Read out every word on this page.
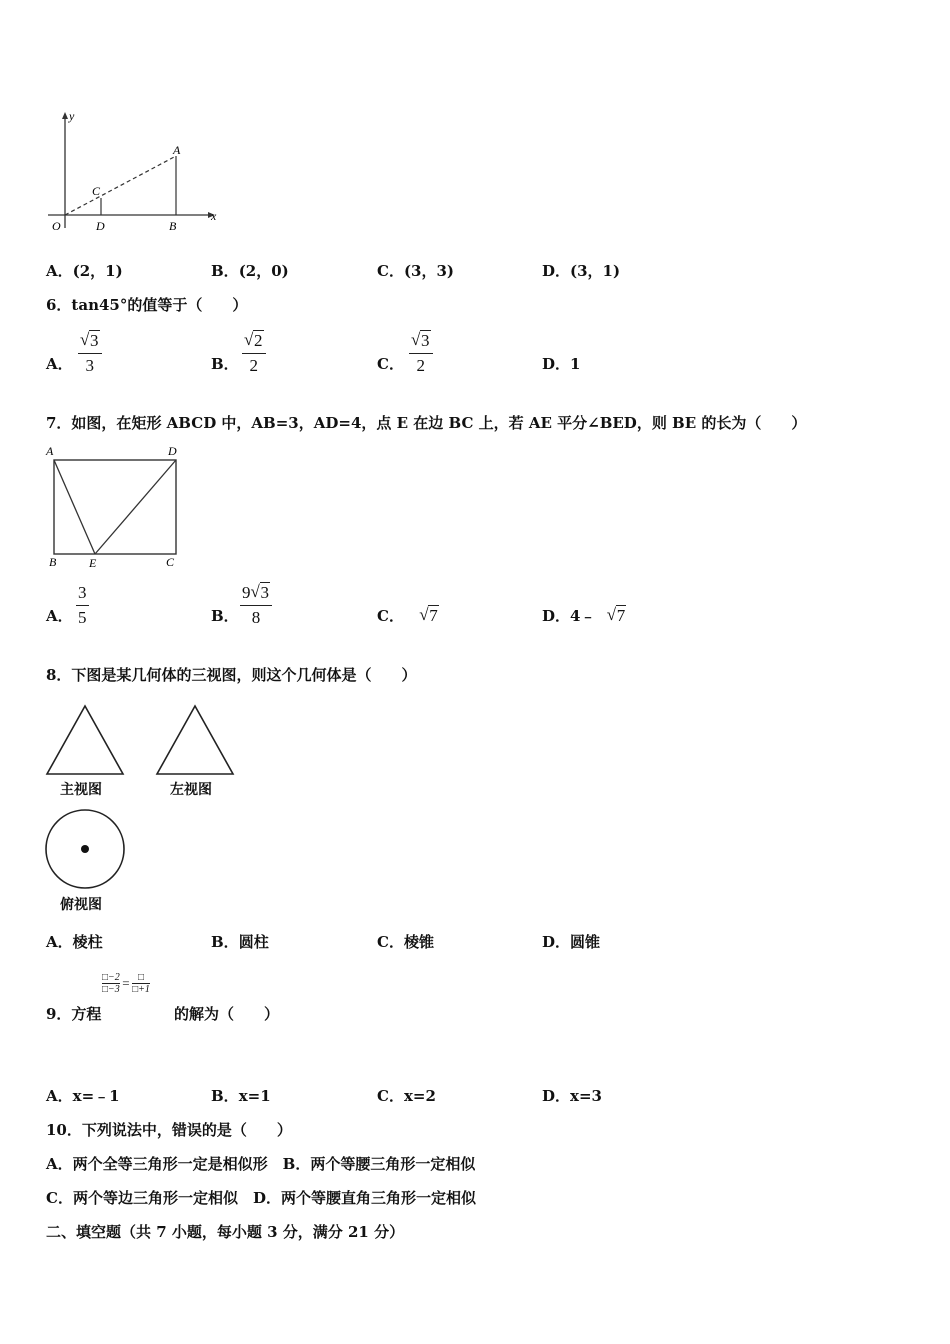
y
x
A
C
O	D	B
A．(2，1)	B．(2，0)	C．(3，3)	D．(3，1)
6．tan45°的值等于（　　）
A．
√ 3
3	B．
√ 2
2	C．
√ 3
2	D．1
7．如图，在矩形 ABCD 中，AB=3，AD=4，点 E 在边 BC 上，若 AE 平分∠BED，则 BE 的长为（　　）
A	D
B	E	C
A．
3
5	B．
9 √ 3
8	C． √ 7	D．4﹣ √ 7
8．下图是某几何体的三视图，则这个几何体是（　　）
主视图	左视图
俯视图
A．棱柱	B．圆柱	C．棱锥	D．圆锥
$\frac{□-2}{□-3}$ = □
□+1
9．方程	的解为（　　）
A．x=﹣1	B．x=1	C．x=2	D．x=3
10．下列说法中，错误的是（　　）
A．两个全等三角形一定是相似形　B．两个等腰三角形一定相似
C．两个等边三角形一定相似　D．两个等腰直角三角形一定相似
二、填空题（共 7 小题，每小题 3 分，满分 21 分）
